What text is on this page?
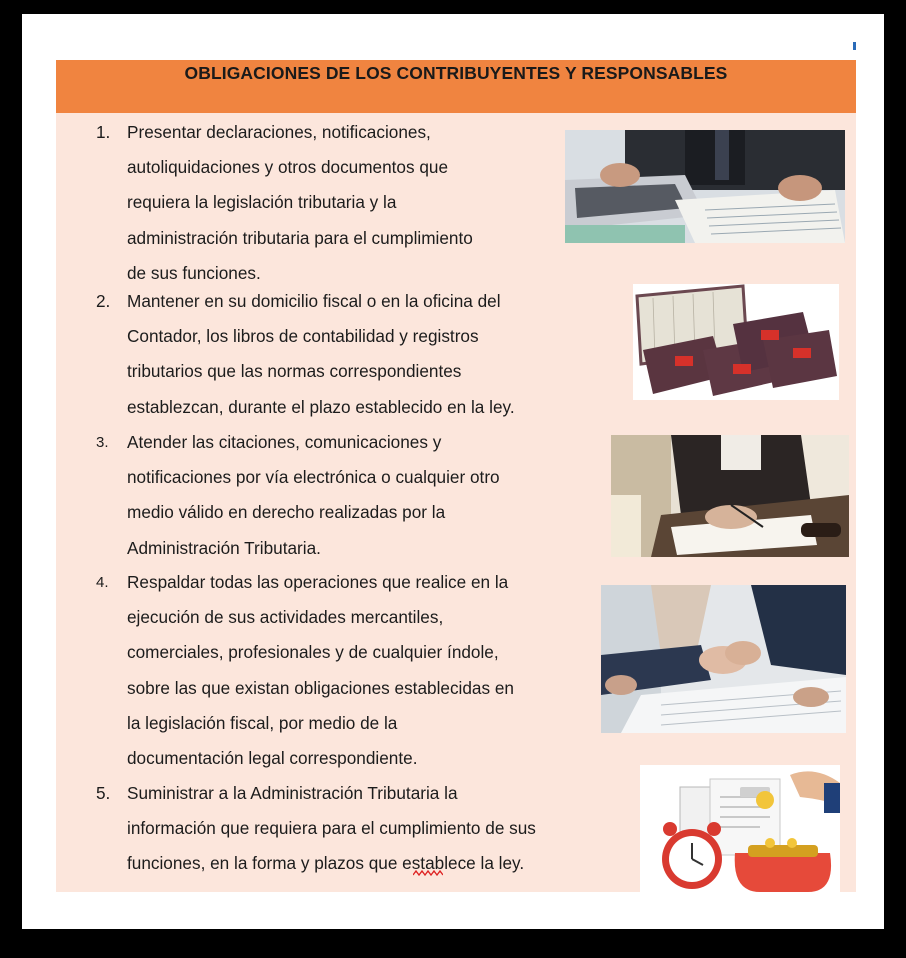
OBLIGACIONES DE LOS CONTRIBUYENTES Y RESPONSABLES
1. Presentar declaraciones, notificaciones,
autoliquidaciones y otros documentos que
requiera la legislación tributaria y la
administración tributaria para el cumplimiento
de sus funciones.
2. Mantener en su domicilio fiscal o en la oficina del
Contador, los libros de contabilidad y registros
tributarios que las normas correspondientes
establezcan, durante el plazo establecido en la ley.
3. Atender las citaciones, comunicaciones y
notificaciones por vía electrónica o cualquier otro
medio válido en derecho realizadas por la
Administración Tributaria.
4. Respaldar todas las operaciones que realice en la
ejecución de sus actividades mercantiles,
comerciales, profesionales y de cualquier índole,
sobre las que existan obligaciones establecidas en
la legislación fiscal, por medio de la
documentación legal correspondiente.
5. Suministrar a la Administración Tributaria la
información que requiera para el cumplimiento de sus
funciones, en la forma y plazos que establece la ley.
